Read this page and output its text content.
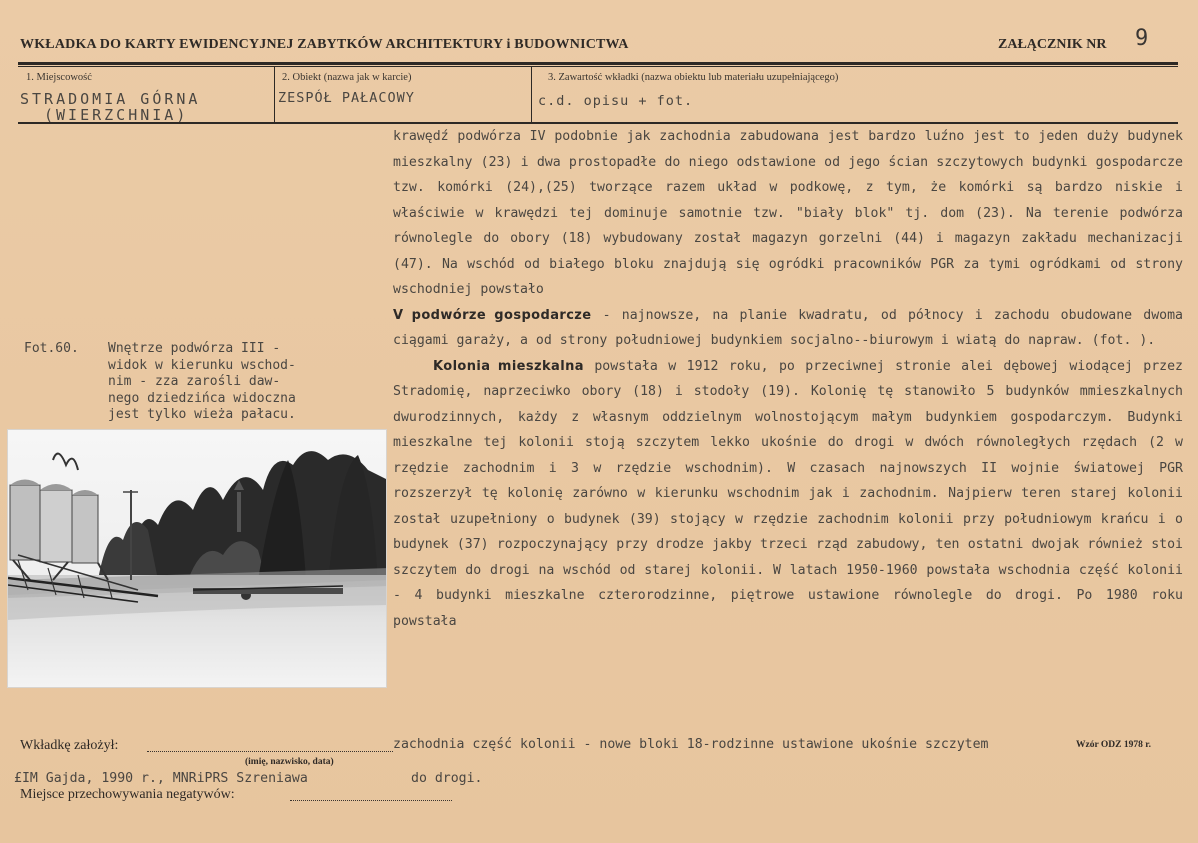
WKŁADKA DO KARTY EWIDENCYJNEJ ZABYTKÓW ARCHITEKTURY i BUDOWNICTWA	ZAŁĄCZNIK NR 9
1. Miejscowość
STRADOMIA GÓRNA
(WIERZCHNIA)
2. Obiekt (nazwa jak w karcie)
ZESPÓŁ PAŁACOWY
3. Zawartość wkładki (nazwa obiektu lub materiału uzupełniającego)
c.d. opisu + fot.

krawędź podwórza IV podobnie jak zachodnia zabudowana jest bardzo luźno jest to jeden duży budynek mieszkalny (23) i dwa prostopadłe do niego odstawione od jego ścian szczytowych budynki gospodarcze tzw. komórki (24),(25) tworzące razem układ w podkowę, z tym, że komórki są bardzo niskie i właściwie w krawędzi tej dominuje samotnie tzw. "biały blok" tj. dom (23). Na terenie podwórza równolegle do obory (18) wybudowany został magazyn gorzelni (44) i magazyn zakładu mechanizacji (47). Na wschód od białego bloku znajdują się ogródki pracowników PGR za tymi ogródkami od strony wschodniej powstało

V podwórze gospodarcze - najnowsze, na planie kwadratu, od północy i zachodu obudowane dwoma ciągami garaży, a od strony południowej budynkiem socjalno--biurowym i wiatą do napraw. (fot. ).

Kolonia mieszkalna powstała w 1912 roku, po przeciwnej stronie alei dębowej wiodącej przez Stradomię, naprzeciwko obory (18) i stodoły (19). Kolonię tę stanowiło 5 budynków mmieszkalnych dwurodzinnych, każdy z własnym oddzielnym wolnostojącym małym budynkiem gospodarczym. Budynki mieszkalne tej kolonii stoją szczytem lekko ukośnie do drogi w dwóch równoległych rzędach (2 w rzędzie zachodnim i 3 w rzędzie wschodnim). W czasach najnowszych II wojnie światowej PGR rozszerzył tę kolonię zarówno w kierunku wschodnim jak i zachodnim. Najpierw teren starej kolonii został uzupełniony o budynek (39) stojący w rzędzie zachodnim kolonii przy południowym krańcu i o budynek (37) rozpoczynający przy drodze jakby trzeci rząd zabudowy, ten ostatni dwojak również stoi szczytem do drogi na wschód od starej kolonii. W latach 1950-1960 powstała wschodnia część kolonii - 4 budynki mieszkalne czterorodzinne, piętrowe ustawione równolegle do drogi. Po 1980 roku powstała

Fot.60. Wnętrze podwórza III -
widok w kierunku wschod-
nim - zza zarośli daw-
nego dziedzińca widoczna
jest tylko wieża pałacu.
Wkładkę założył:
(imię, nazwisko, data)
£IM Gajda, 1990 r., MNRiPRS Szreniawa	do drogi.
zachodnia część kolonii - nowe bloki 18-rodzinne ustawione ukośnie szczytem	Wzór ODZ 1978 r.
Miejsce przechowywania negatywów:
